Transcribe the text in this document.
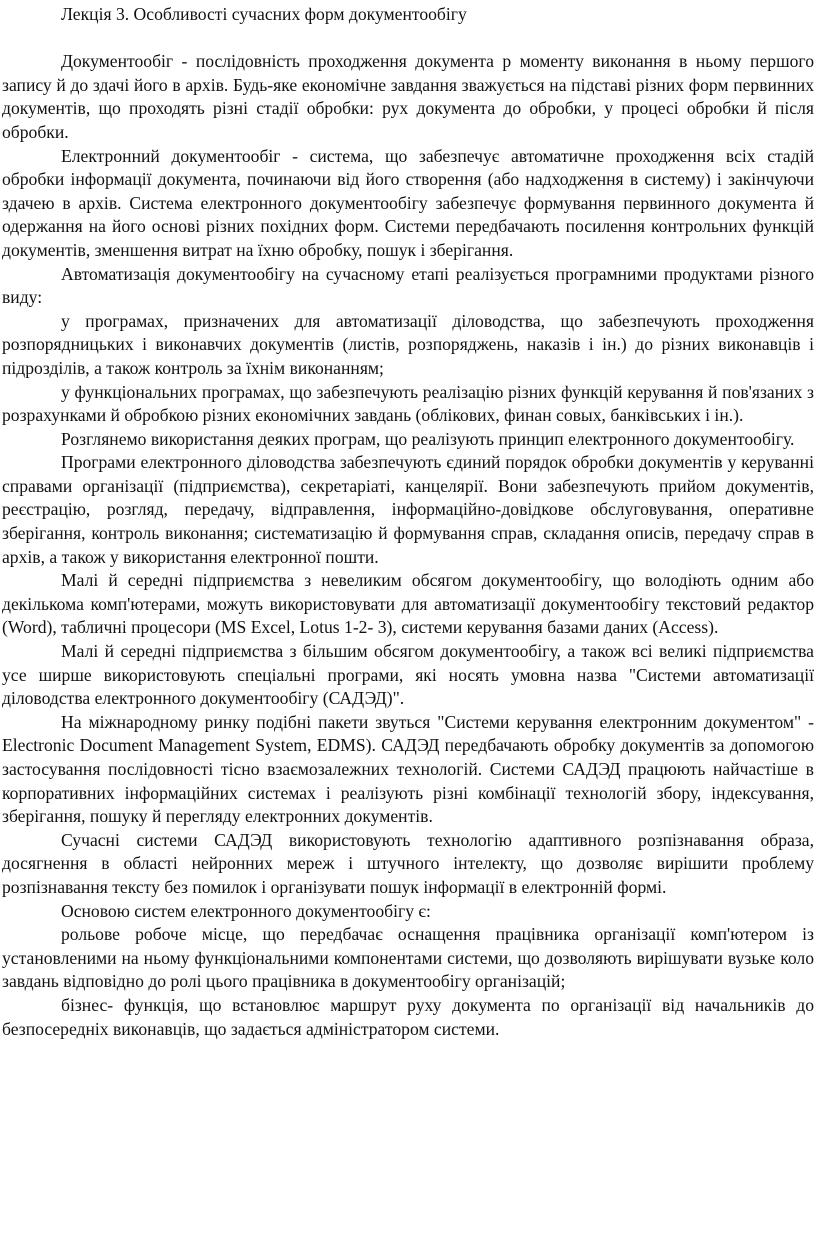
Лекція 3. Особливості сучасних форм документообігу

Документообіг - послідовність проходження документа р моменту виконання в ньому першого запису й до здачі його в архів. Будь-яке економічне завдання зважується на підставі різних форм первинних документів, що проходять різні стадії обробки: рух документа до обробки, у процесі обробки й після обробки.

Електронний документообіг - система, що забезпечує автоматичне проходження всіх стадій обробки інформації документа, починаючи від його створення (або надходження в систему) і закінчуючи здачею в архів. Система електронного документообігу забезпечує формування первинного документа й одержання на його основі різних похідних форм. Системи передбачають посилення контрольних функцій документів, зменшення витрат на їхню обробку, пошук і зберігання.

Автоматизація документообігу на сучасному етапі реалізується програмними продуктами різного виду:

у програмах, призначених для автоматизації діловодства, що забезпечують проходження розпорядницьких і виконавчих документів (листів, розпоряджень, наказів і ін.) до різних виконавців і підрозділів, а також контроль за їхнім виконанням;

у функціональних програмах, що забезпечують реалізацію різних функцій керування й пов'язаних з розрахунками й обробкою різних економічних завдань (облікових, финан совых, банківських і ін.).

Розглянемо використання деяких програм, що реалізують принцип електронного документообігу.

Програми електронного діловодства забезпечують єдиний порядок обробки документів у керуванні справами організації (підприємства), секретаріаті, канцелярії. Вони забезпечують прийом документів, реєстрацію, розгляд, передачу, відправлення, інформаційно-довідкове обслуговування, оперативне зберігання, контроль виконання; систематизацію й формування справ, складання описів, передачу справ в архів, а також у використання електронної пошти.

Малі й середні підприємства з невеликим обсягом документообігу, що володіють одним або декількома комп'ютерами, можуть використовувати для автоматизації документообігу текстовий редактор (Word), табличні процесори (MS Excel, Lotus 1-2- 3), системи керування базами даних (Access).

Малі й середні підприємства з більшим обсягом документообігу, а також всі великі підприємства усе ширше використовують спеціальні програми, які носять умовна назва "Системи автоматизації діловодства електронного документообігу (САДЭД)".

На міжнародному ринку подібні пакети звуться "Системи керування електронним документом" - Electronic Document Management System, EDMS). САДЭД передбачають обробку документів за допомогою застосування послідовності тісно взаємозалежних технологій. Системи САДЭД працюють найчастіше в корпоративних інформаційних системах і реалізують різні комбінації технологій збору, індексування, зберігання, пошуку й перегляду електронних документів.

Сучасні системи САДЭД використовують технологію адаптивного розпізнавання образа, досягнення в області нейронних мереж і штучного інтелекту, що дозволяє вирішити проблему розпізнавання тексту без помилок і організувати пошук інформації в електронній формі.

Основою систем електронного документообігу є:

рольове робоче місце, що передбачає оснащення працівника організації комп'ютером із установленими на ньому функціональними компонентами системи, що дозволяють вирішувати вузьке коло завдань відповідно до ролі цього працівника в документообігу організацій;

бізнес- функція, що встановлює маршрут руху документа по організації від начальників до безпосередніх виконавців, що задається адміністратором системи.
